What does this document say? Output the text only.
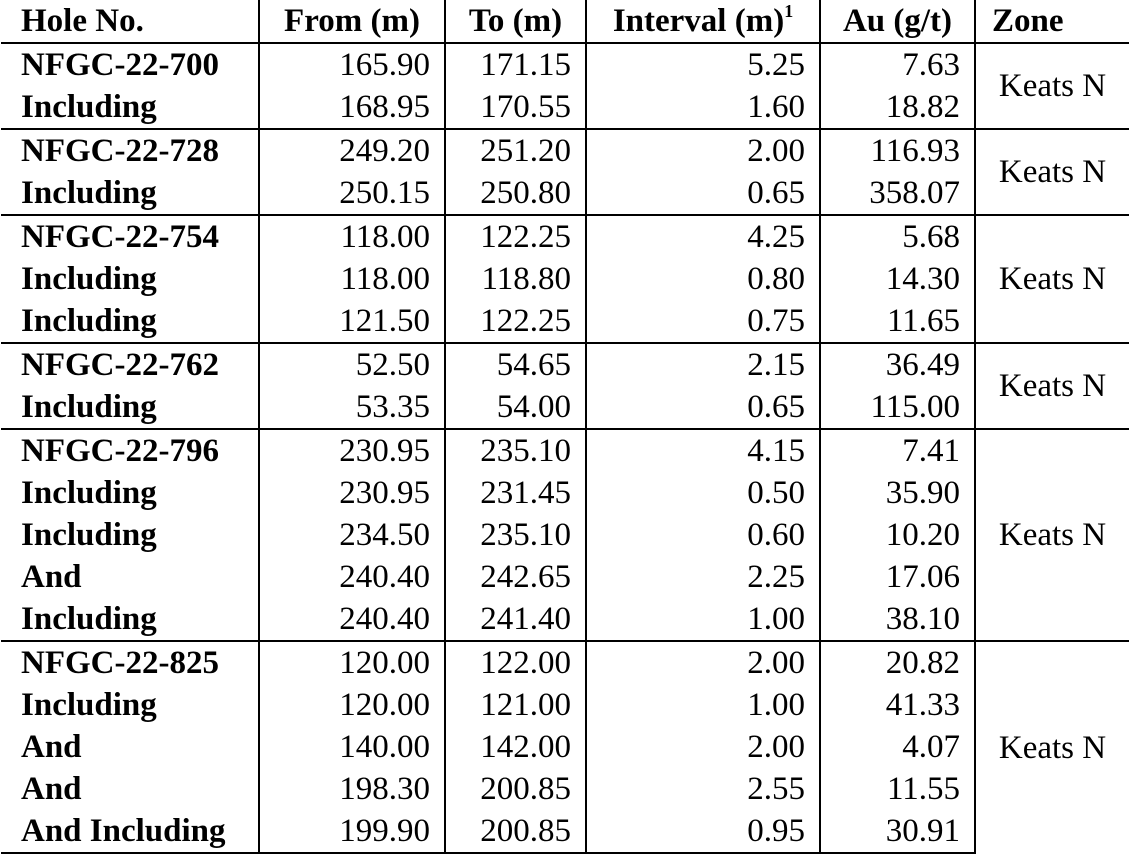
Hole No.	From (m)	To (m)	Interval $(m)^1$	Au (g/t)	Zone
NFGC-22-700	165.90	171.15	5.25	7.63	Keats N
Including	168.95	170.55	1.60	18.82	
NFGC-22-728	249.20	251.20	2.00	116.93	Keats N
Including	250.15	250.80	0.65	358.07	
NFGC-22-754	118.00	122.25	4.25	5.68	Keats N
Including	118.00	118.80	0.80	14.30	
Including	121.50	122.25	0.75	11.65	
NFGC-22-762	52.50	54.65	2.15	36.49	Keats N
Including	53.35	54.00	0.65	115.00	
NFGC-22-796	230.95	235.10	4.15	7.41	Keats N
Including	230.95	231.45	0.50	35.90	
Including	234.50	235.10	0.60	10.20	
And	240.40	242.65	2.25	17.06	
Including	240.40	241.40	1.00	38.10	
NFGC-22-825	120.00	122.00	2.00	20.82	Keats N
Including	120.00	121.00	1.00	41.33	
And	140.00	142.00	2.00	4.07	
And	198.30	200.85	2.55	11.55	
And Including	199.90	200.85	0.95	30.91	
